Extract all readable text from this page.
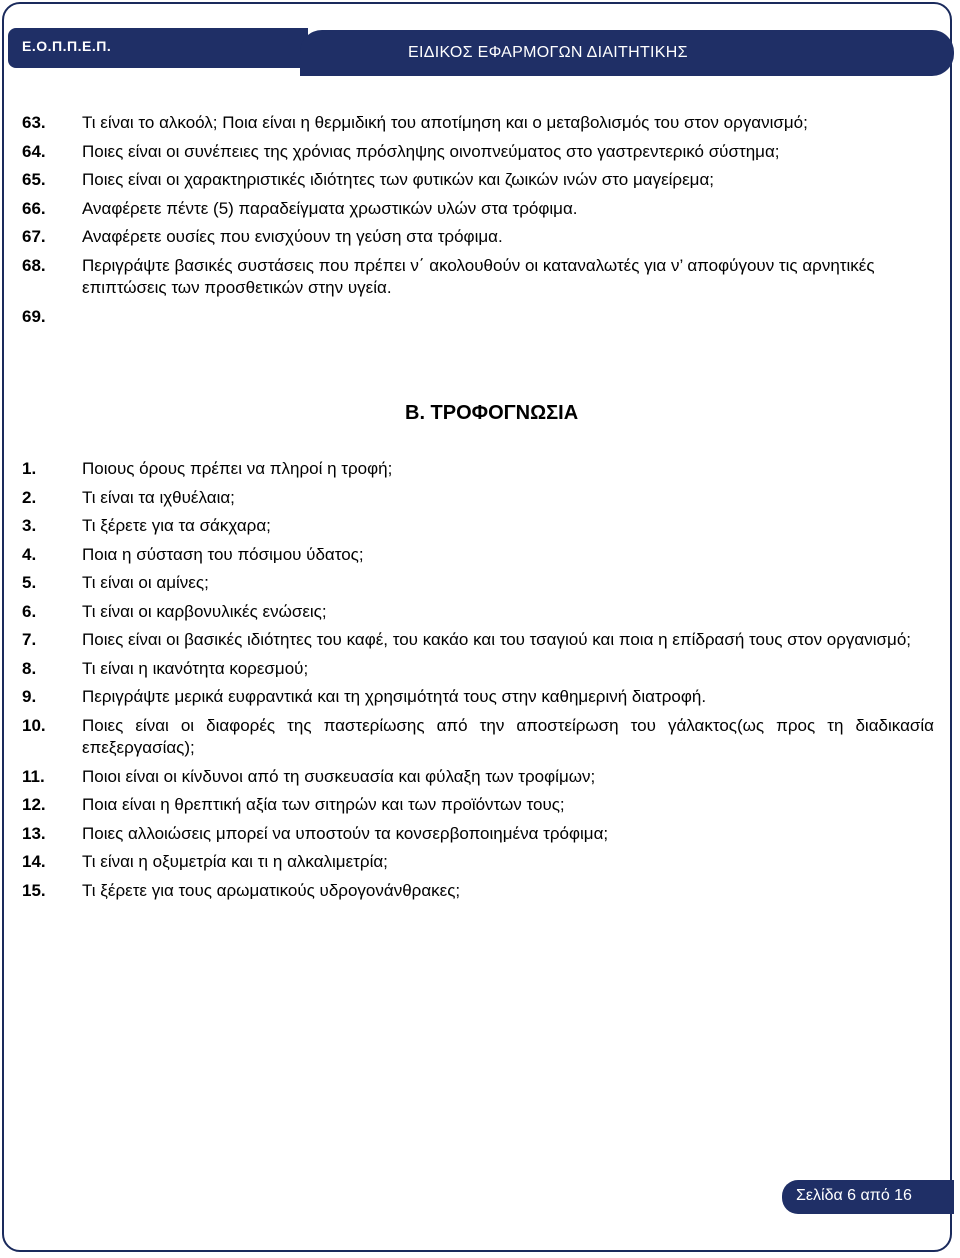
Ε.Ο.Π.Π.Ε.Π.	ΕΙΔΙΚΟΣ ΕΦΑΡΜΟΓΩΝ ΔΙΑΙΤΗΤΙΚΗΣ
63. Τι είναι το αλκοόλ; Ποια είναι η θερμιδική του αποτίμηση και ο μεταβολισμός του στον οργανισμό;
64. Ποιες είναι οι συνέπειες της χρόνιας πρόσληψης οινοπνεύματος στο γαστρεντερικό σύστημα;
65. Ποιες είναι οι χαρακτηριστικές ιδιότητες των φυτικών και ζωικών ινών στο μαγείρεμα;
66. Αναφέρετε πέντε (5) παραδείγματα χρωστικών υλών στα τρόφιμα.
67. Αναφέρετε ουσίες που ενισχύουν τη γεύση στα τρόφιμα.
68. Περιγράψτε βασικές συστάσεις που πρέπει ν΄ ακολουθούν οι καταναλωτές για ν’ αποφύγουν τις αρνητικές επιπτώσεις των προσθετικών στην υγεία.
69.

Β. ΤΡΟΦΟΓΝΩΣΙΑ
1.	Ποιους όρους πρέπει να πληροί η τροφή;
2.	Τι είναι τα ιχθυέλαια;
3.	Τι ξέρετε για τα σάκχαρα;
4.	Ποια η σύσταση του πόσιμου ύδατος;
5.	Τι είναι οι αμίνες;
6.	Τι είναι οι καρβονυλικές ενώσεις;
7.	Ποιες είναι οι βασικές ιδιότητες του καφέ, του κακάο και του τσαγιού και ποια η επίδρασή τους στον οργανισμό;
8.	Τι είναι η ικανότητα κορεσμού;
9.	Περιγράψτε μερικά ευφραντικά και τη χρησιμότητά τους στην καθημερινή διατροφή.
10. Ποιες είναι οι διαφορές της παστερίωσης από την αποστείρωση του γάλακτος(ως προς τη διαδικασία επεξεργασίας);
11. Ποιοι είναι οι κίνδυνοι από τη συσκευασία και φύλαξη των τροφίμων;
12. Ποια είναι η θρεπτική αξία των σιτηρών και των προϊόντων τους;
13. Ποιες αλλοιώσεις μπορεί να υποστούν τα κονσερβοποιημένα τρόφιμα;
14. Τι είναι η οξυμετρία και τι η αλκαλιμετρία;
15. Τι ξέρετε για τους αρωματικούς υδρογονάνθρακες;
Σελίδα 6 από 16
